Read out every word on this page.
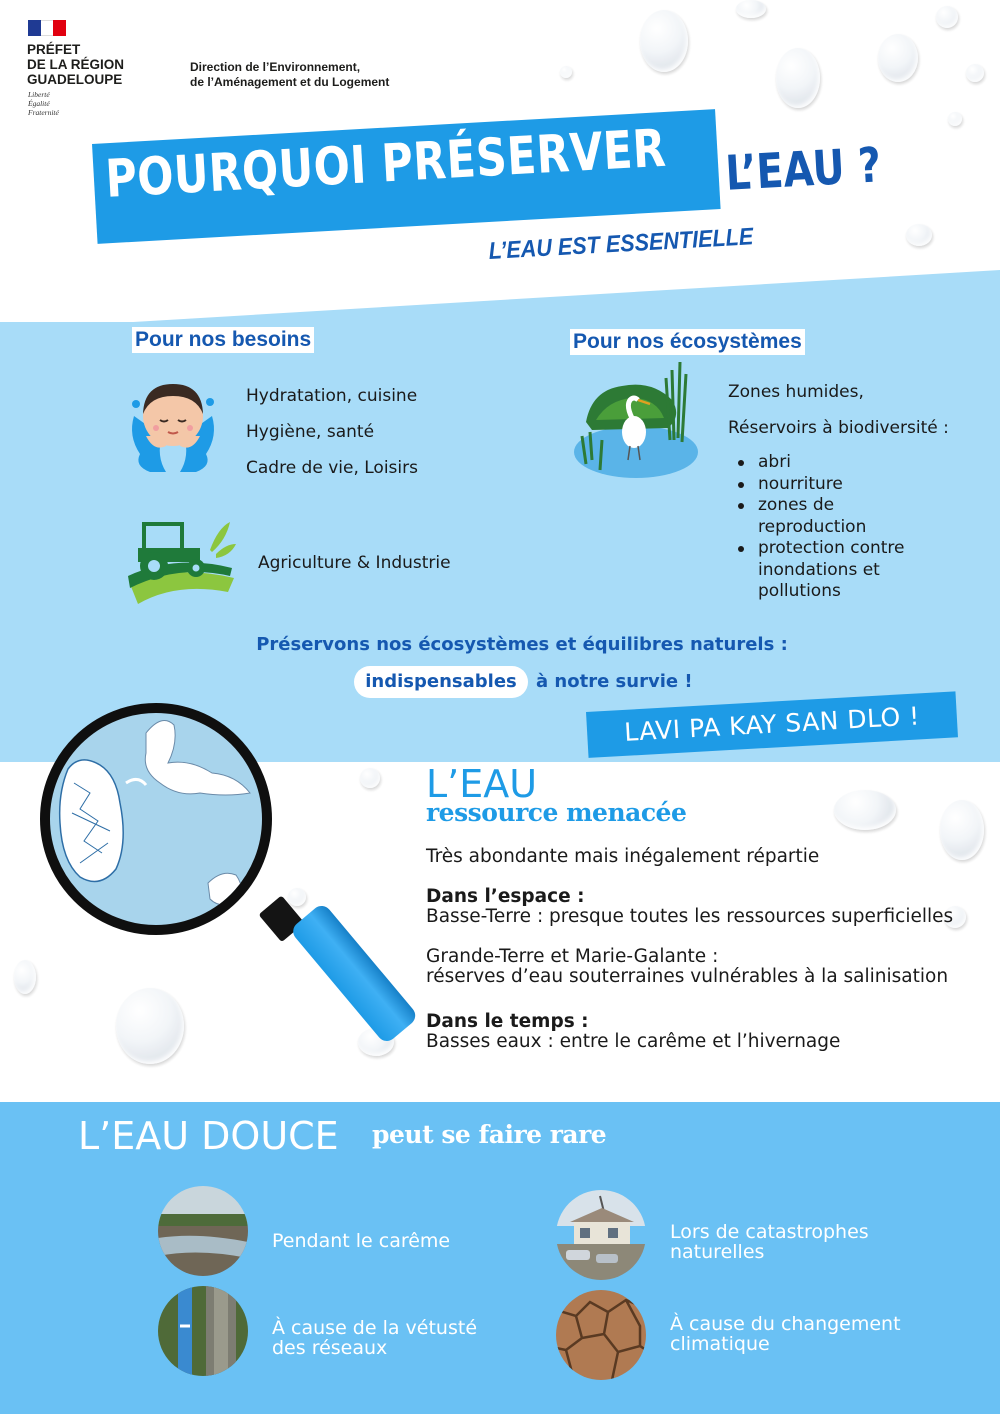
PRÉFET
DE LA RÉGION
GUADELOUPE
Liberté
Égalité
Fraternité
Direction de l’Environnement,
de l’Aménagement et du Logement
POURQUOI PRÉSERVER L’EAU ?
L’EAU EST ESSENTIELLE
Pour nos besoins
Hydratation, cuisine
Hygiène, santé
Cadre de vie, Loisirs
Agriculture & Industrie
Pour nos écosystèmes
Zones humides,
Réservoirs à biodiversité :
abri
nourriture
zones de reproduction
protection contre inondations et pollutions
Préservons nos écosystèmes et équilibres naturels :
indispensables	à notre survie !
LAVI PA KAY SAN DLO !
L’EAU
ressource menacée
Très abondante mais inégalement répartie
Dans l’espace :
Basse-Terre : presque toutes les ressources superficielles
Grande-Terre et Marie-Galante :
réserves d’eau souterraines vulnérables à la salinisation
Dans le temps :
Basses eaux : entre le carême et l’hivernage
L’EAU DOUCE peut se faire rare
Pendant le carême	Lors de catastrophes naturelles
À cause de la vétusté des réseaux
À cause du changement climatique
